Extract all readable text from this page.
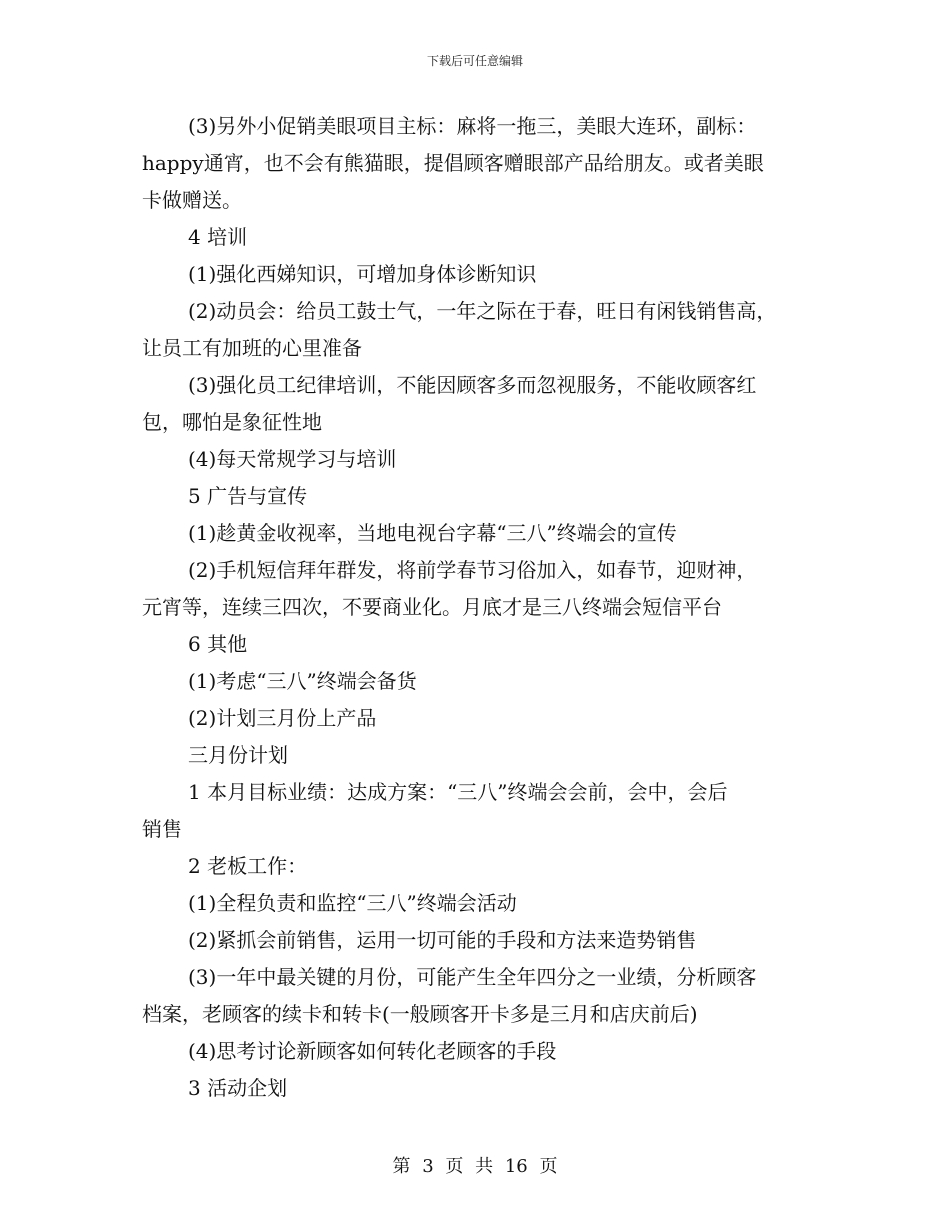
下载后可任意编辑
(3)另外小促销美眼项目主标：麻将一拖三，美眼大连环，副标：
happy通宵，也不会有熊猫眼，提倡顾客赠眼部产品给朋友。或者美眼
卡做赠送。
4 培训
(1)强化西娣知识，可增加身体诊断知识
(2)动员会：给员工鼓士气，一年之际在于春，旺日有闲钱销售高，
让员工有加班的心里准备
(3)强化员工纪律培训，不能因顾客多而忽视服务，不能收顾客红
包，哪怕是象征性地
(4)每天常规学习与培训
5 广告与宣传
(1)趁黄金收视率，当地电视台字幕“三八”终端会的宣传
(2)手机短信拜年群发，将前学春节习俗加入，如春节，迎财神，
元宵等，连续三四次，不要商业化。月底才是三八终端会短信平台
6 其他
(1)考虑“三八”终端会备货
(2)计划三月份上产品
三月份计划
1 本月目标业绩：达成方案：“三八”终端会会前，会中，会后
销售
2 老板工作：
(1)全程负责和监控“三八”终端会活动
(2)紧抓会前销售，运用一切可能的手段和方法来造势销售
(3)一年中最关键的月份，可能产生全年四分之一业绩，分析顾客
档案，老顾客的续卡和转卡(一般顾客开卡多是三月和店庆前后)
(4)思考讨论新顾客如何转化老顾客的手段
3 活动企划
第 3 页 共 16 页
